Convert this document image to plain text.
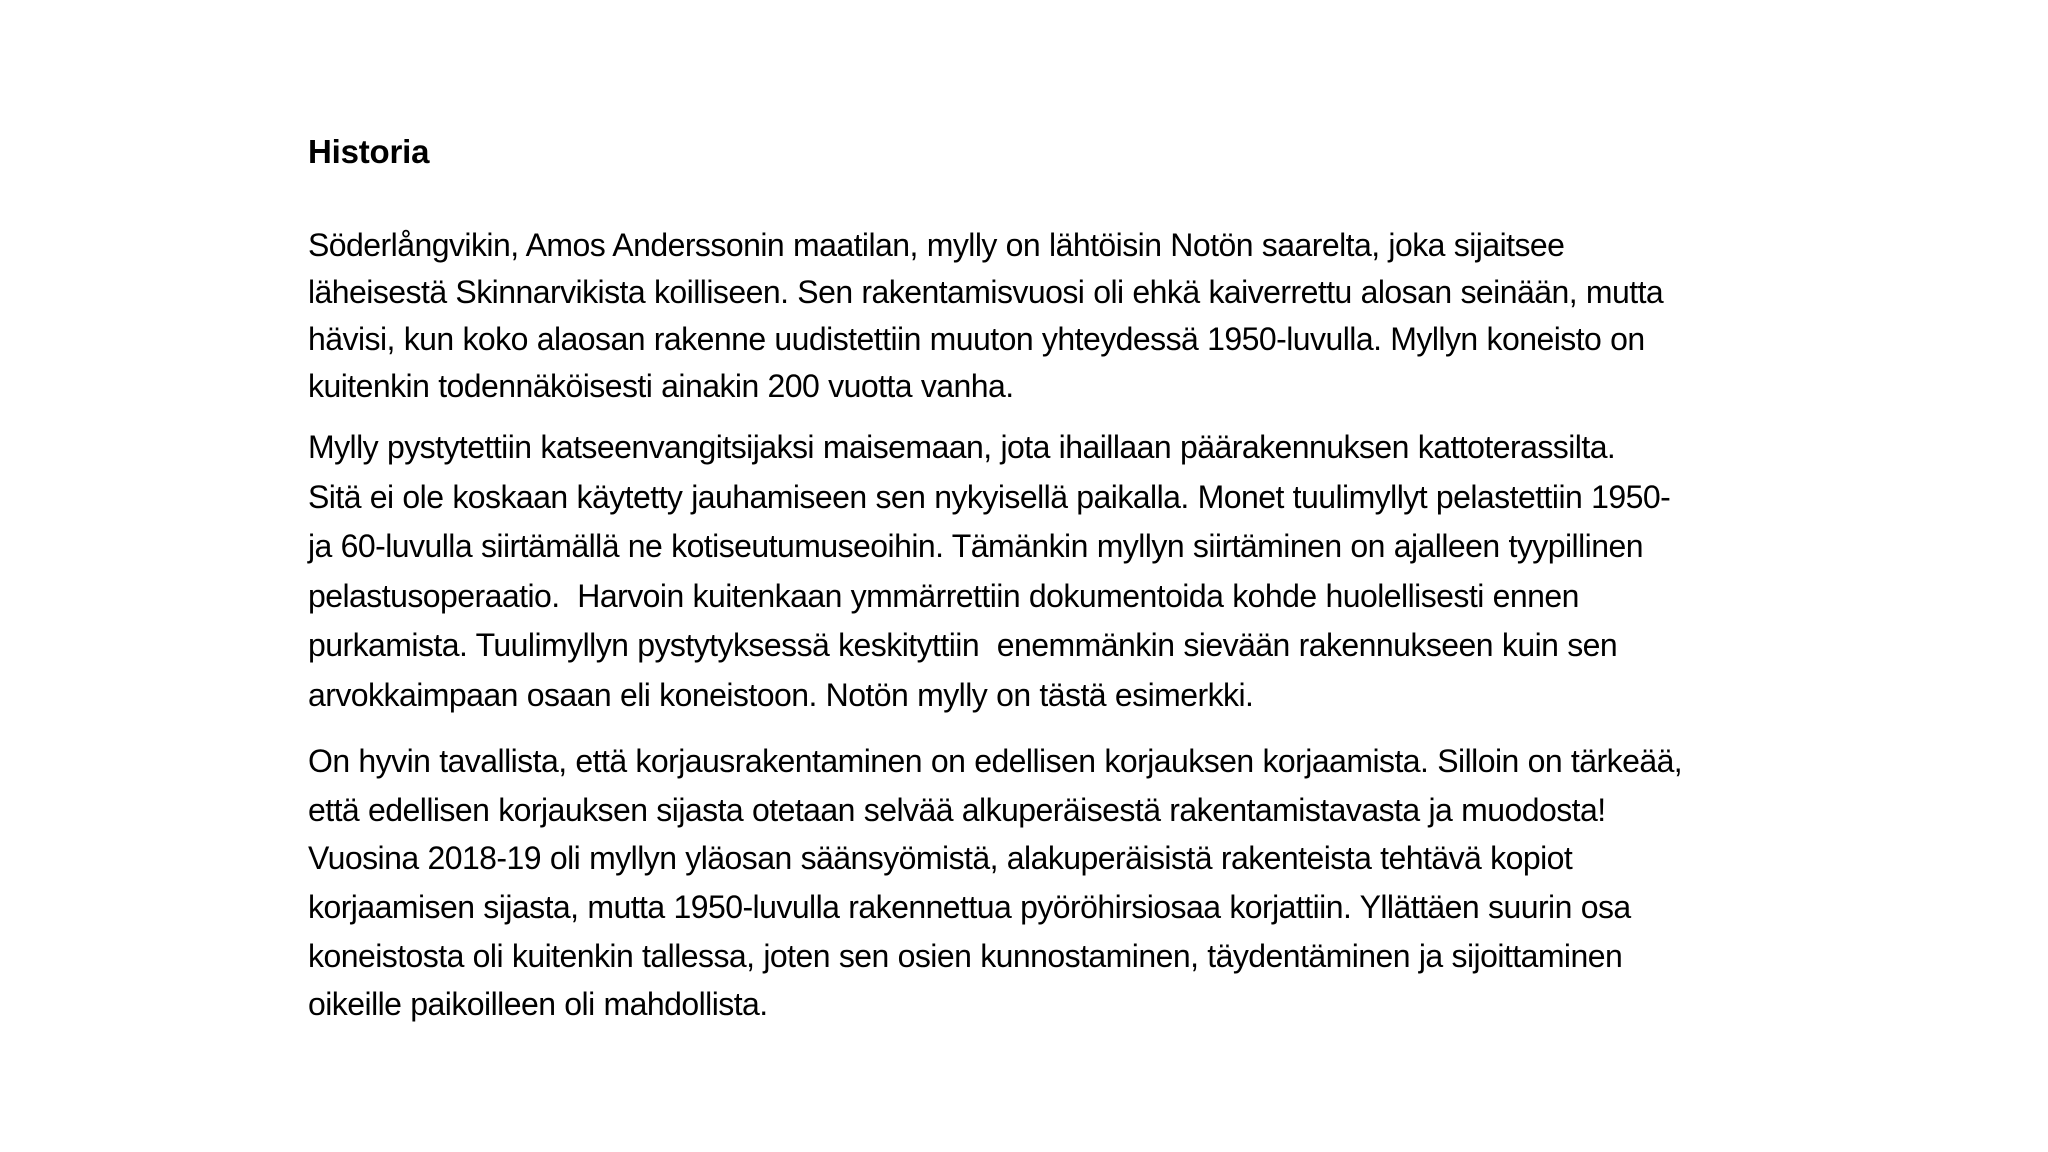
Historia
Söderlångvikin, Amos Anderssonin maatilan, mylly on lähtöisin Notön saarelta, joka sijaitsee
läheisestä Skinnarvikista koilliseen. Sen rakentamisvuosi oli ehkä kaiverrettu alosan seinään, mutta
hävisi, kun koko alaosan rakenne uudistettiin muuton yhteydessä 1950-luvulla. Myllyn koneisto on
kuitenkin todennäköisesti ainakin 200 vuotta vanha.
Mylly pystytettiin katseenvangitsijaksi maisemaan, jota ihaillaan päärakennuksen kattoterassilta.
Sitä ei ole koskaan käytetty jauhamiseen sen nykyisellä paikalla. Monet tuulimyllyt pelastettiin 1950-
ja 60-luvulla siirtämällä ne kotiseutumuseoihin. Tämänkin myllyn siirtäminen on ajalleen tyypillinen
pelastusoperaatio.  Harvoin kuitenkaan ymmärrettiin dokumentoida kohde huolellisesti ennen
purkamista. Tuulimyllyn pystytyksessä keskityttiin  enemmänkin sievään rakennukseen kuin sen
arvokkaimpaan osaan eli koneistoon. Notön mylly on tästä esimerkki.
On hyvin tavallista, että korjausrakentaminen on edellisen korjauksen korjaamista. Silloin on tärkeää,
että edellisen korjauksen sijasta otetaan selvää alkuperäisestä rakentamistavasta ja muodosta!
Vuosina 2018-19 oli myllyn yläosan säänsyömistä, alakuperäisistä rakenteista tehtävä kopiot
korjaamisen sijasta, mutta 1950-luvulla rakennettua pyöröhirsiosaa korjattiin. Yllättäen suurin osa
koneistosta oli kuitenkin tallessa, joten sen osien kunnostaminen, täydentäminen ja sijoittaminen
oikeille paikoilleen oli mahdollista.
